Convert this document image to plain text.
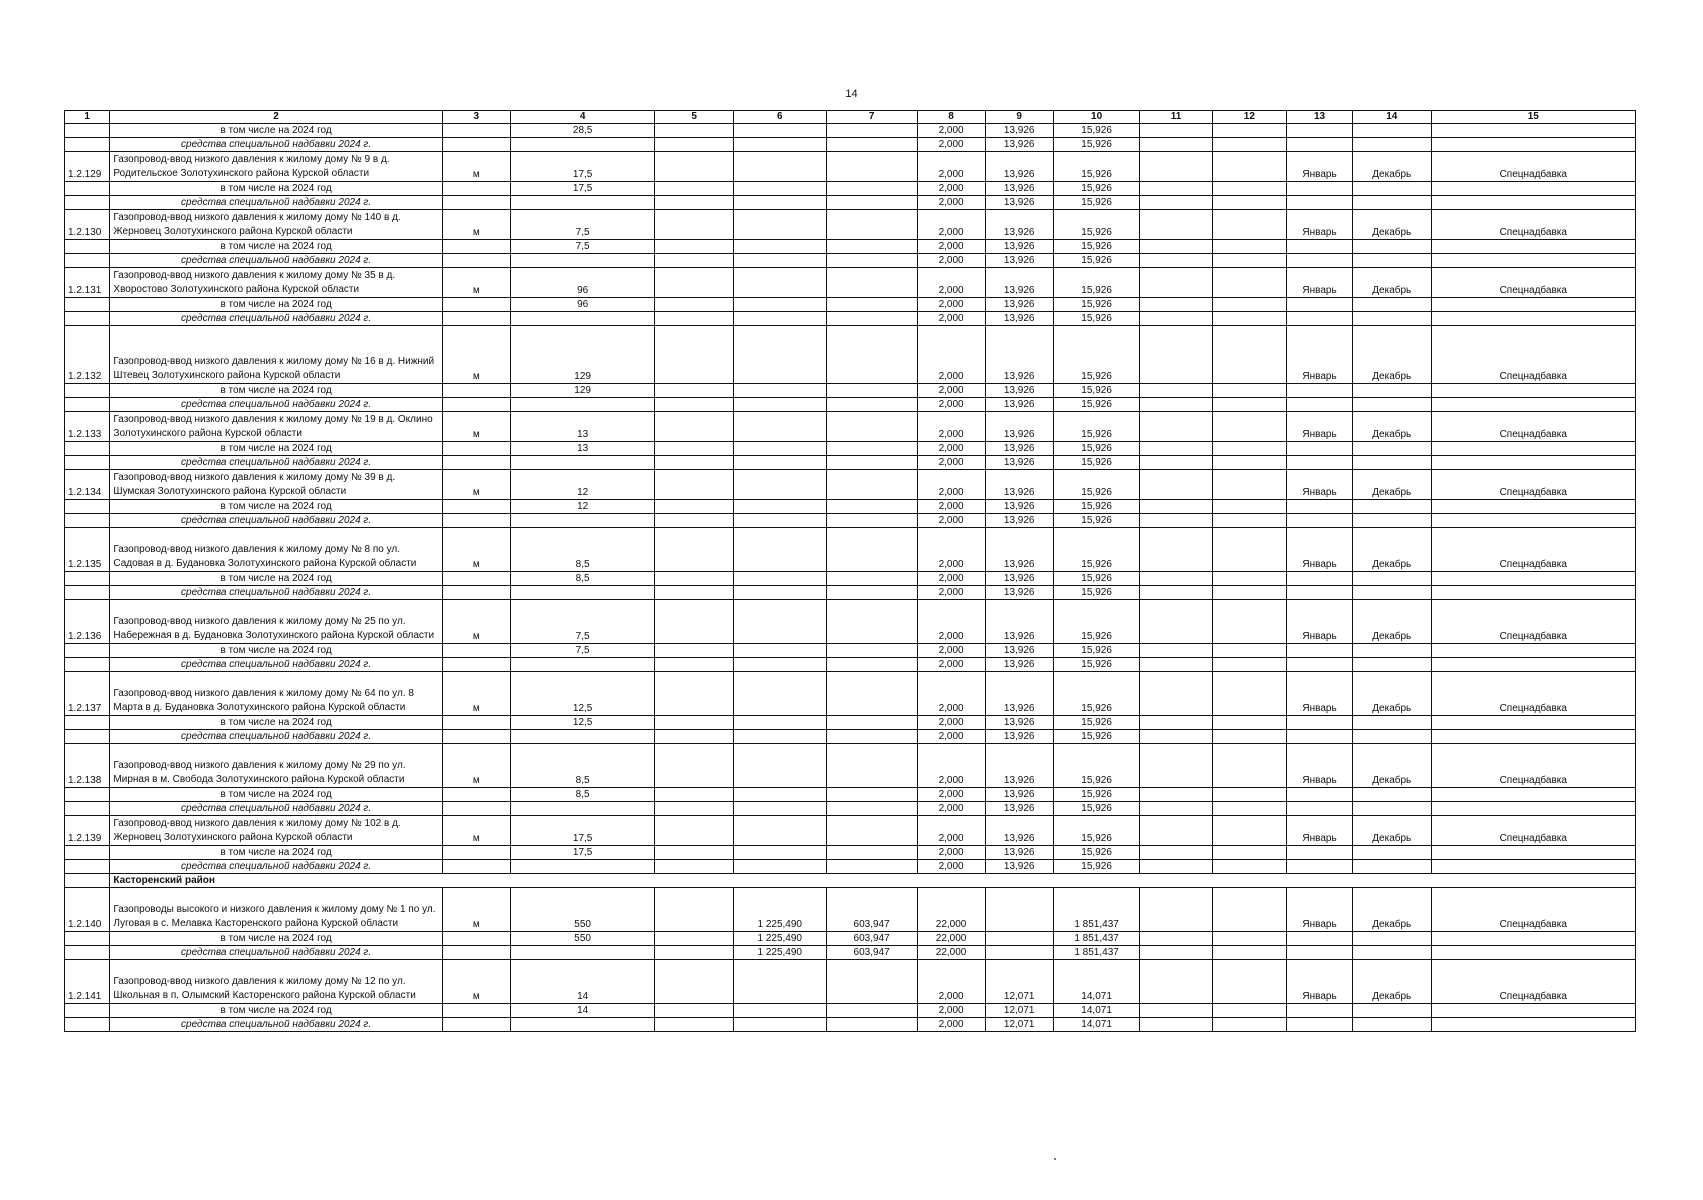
14
1	2	3	4	5	6	7	8	9	10	11	12	13	14	15
	в том числе на 2024 год		28,5				2,000	13,926	15,926					
	средства специальной надбавки 2024 г.						2,000	13,926	15,926					
1.2.129	Газопровод-ввод низкого давления к жилому дому № 9 в д. Родительское Золотухинского района Курской области	м	17,5				2,000	13,926	15,926			Январь	Декабрь	Спецнадбавка
	в том числе на 2024 год		17,5				2,000	13,926	15,926					
	средства специальной надбавки 2024 г.						2,000	13,926	15,926					
1.2.130	Газопровод-ввод низкого давления к жилому дому № 140 в д. Жерновец Золотухинского района Курской области	м	7,5				2,000	13,926	15,926			Январь	Декабрь	Спецнадбавка
	в том числе на 2024 год		7,5				2,000	13,926	15,926					
	средства специальной надбавки 2024 г.						2,000	13,926	15,926					
1.2.131	Газопровод-ввод низкого давления к жилому дому № 35 в д. Хворостово Золотухинского района Курской области	м	96				2,000	13,926	15,926			Январь	Декабрь	Спецнадбавка
	в том числе на 2024 год		96				2,000	13,926	15,926					
	средства специальной надбавки 2024 г.						2,000	13,926	15,926					
1.2.132	Газопровод-ввод низкого давления к жилому дому № 16 в д. Нижний Штевец Золотухинского района Курской области	м	129				2,000	13,926	15,926			Январь	Декабрь	Спецнадбавка
	в том числе на 2024 год		129				2,000	13,926	15,926					
	средства специальной надбавки 2024 г.						2,000	13,926	15,926					
1.2.133	Газопровод-ввод низкого давления к жилому дому № 19 в д. Оклино Золотухинского района Курской области	м	13				2,000	13,926	15,926			Январь	Декабрь	Спецнадбавка
	в том числе на 2024 год		13				2,000	13,926	15,926					
	средства специальной надбавки 2024 г.						2,000	13,926	15,926					
1.2.134	Газопровод-ввод низкого давления к жилому дому № 39 в д. Шумская Золотухинского района Курской области	м	12				2,000	13,926	15,926			Январь	Декабрь	Спецнадбавка
	в том числе на 2024 год		12				2,000	13,926	15,926					
	средства специальной надбавки 2024 г.						2,000	13,926	15,926					
1.2.135	Газопровод-ввод низкого давления к жилому дому № 8 по ул. Садовая в д. Будановка Золотухинского района Курской области	м	8,5				2,000	13,926	15,926			Январь	Декабрь	Спецнадбавка
	в том числе на 2024 год		8,5				2,000	13,926	15,926					
	средства специальной надбавки 2024 г.						2,000	13,926	15,926					
1.2.136	Газопровод-ввод низкого давления к жилому дому № 25 по ул. Набережная в д. Будановка Золотухинского района Курской области	м	7,5				2,000	13,926	15,926			Январь	Декабрь	Спецнадбавка
	в том числе на 2024 год		7,5				2,000	13,926	15,926					
	средства специальной надбавки 2024 г.						2,000	13,926	15,926					
1.2.137	Газопровод-ввод низкого давления к жилому дому № 64 по ул. 8 Марта в д. Будановка Золотухинского района Курской области	м	12,5				2,000	13,926	15,926			Январь	Декабрь	Спецнадбавка
	в том числе на 2024 год		12,5				2,000	13,926	15,926					
	средства специальной надбавки 2024 г.						2,000	13,926	15,926					
1.2.138	Газопровод-ввод низкого давления к жилому дому № 29 по ул. Мирная в м. Свобода Золотухинского района Курской области	м	8,5				2,000	13,926	15,926			Январь	Декабрь	Спецнадбавка
	в том числе на 2024 год		8,5				2,000	13,926	15,926					
	средства специальной надбавки 2024 г.						2,000	13,926	15,926					
1.2.139	Газопровод-ввод низкого давления к жилому дому № 102 в д. Жерновец Золотухинского района Курской области	м	17,5				2,000	13,926	15,926			Январь	Декабрь	Спецнадбавка
	в том числе на 2024 год		17,5				2,000	13,926	15,926					
	средства специальной надбавки 2024 г.						2,000	13,926	15,926					
	Касторенский район													
1.2.140	Газопроводы высокого и низкого давления к жилому дому № 1 по ул. Луговая в с. Мелавка Касторенского района Курской области	м	550		1 225,490	603,947	22,000		1 851,437			Январь	Декабрь	Спецнадбавка
	в том числе на 2024 год		550		1 225,490	603,947	22,000		1 851,437					
	средства специальной надбавки 2024 г.				1 225,490	603,947	22,000		1 851,437					
1.2.141	Газопровод-ввод низкого давления к жилому дому № 12 по ул. Школьная в п. Олымский Касторенского района Курской области	м	14				2,000	12,071	14,071			Январь	Декабрь	Спецнадбавка
	в том числе на 2024 год		14				2,000	12,071	14,071					
	средства специальной надбавки 2024 г.						2,000	12,071	14,071					
